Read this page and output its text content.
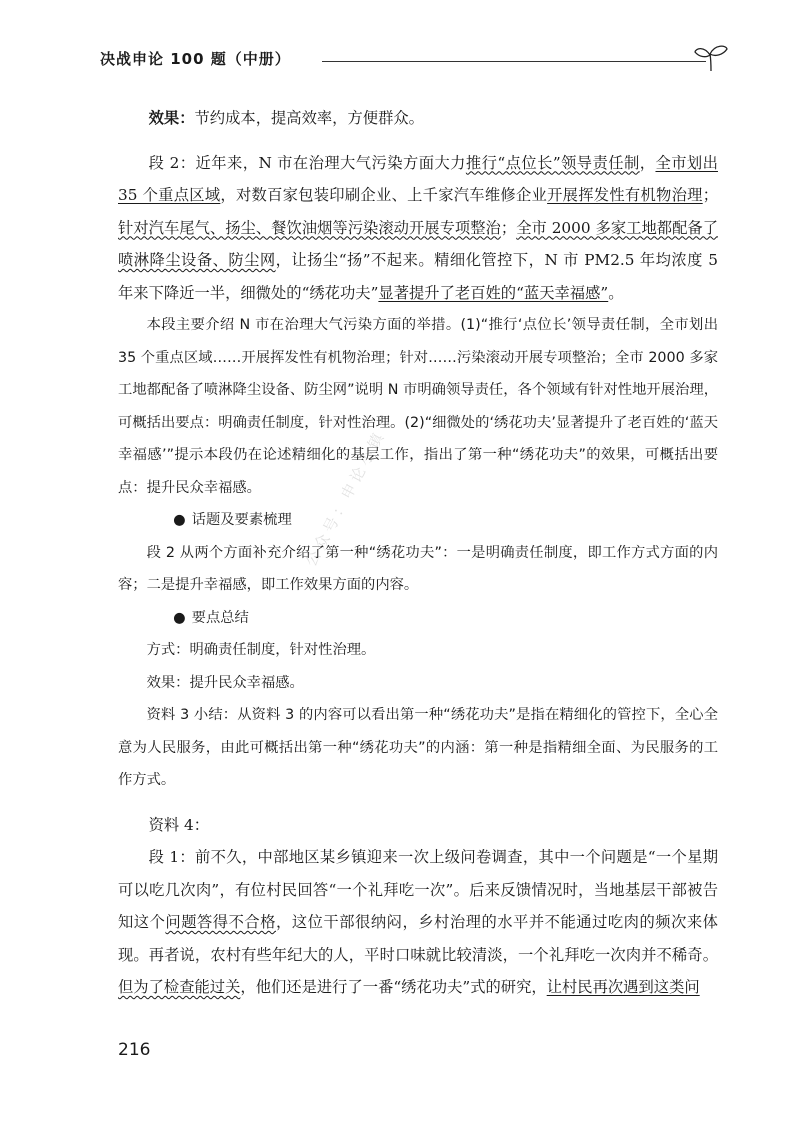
决战申论 100 题（中册）
公众号：申论小镇

效果：节约成本，提高效率，方便群众。

段 2：近年来，N 市在治理大气污染方面大力推行“点位长”领导责任制，全市划出 35 个重点区域，对数百家包装印刷企业、上千家汽车维修企业开展挥发性有机物治理；针对汽车尾气、扬尘、餐饮油烟等污染滚动开展专项整治；全市 2000 多家工地都配备了喷淋降尘设备、防尘网，让扬尘“扬”不起来。精细化管控下，N 市 PM2.5 年均浓度 5 年来下降近一半，细微处的“绣花功夫”显著提升了老百姓的“蓝天幸福感”。

本段主要介绍 N 市在治理大气污染方面的举措。(1)“推行‘点位长’领导责任制，全市划出 35 个重点区域……开展挥发性有机物治理；针对……污染滚动开展专项整治；全市 2000 多家工地都配备了喷淋降尘设备、防尘网”说明 N 市明确领导责任，各个领域有针对性地开展治理，可概括出要点：明确责任制度，针对性治理。(2)“细微处的‘绣花功夫’显著提升了老百姓的‘蓝天幸福感’”提示本段仍在论述精细化的基层工作，指出了第一种“绣花功夫”的效果，可概括出要点：提升民众幸福感。

● 话题及要素梳理

段 2 从两个方面补充介绍了第一种“绣花功夫”：一是明确责任制度，即工作方式方面的内容；二是提升幸福感，即工作效果方面的内容。

● 要点总结

方式：明确责任制度，针对性治理。

效果：提升民众幸福感。

资料 3 小结：从资料 3 的内容可以看出第一种“绣花功夫”是指在精细化的管控下，全心全意为人民服务，由此可概括出第一种“绣花功夫”的内涵：第一种是指精细全面、为民服务的工作方式。

资料 4：

段 1：前不久，中部地区某乡镇迎来一次上级问卷调查，其中一个问题是“一个星期可以吃几次肉”，有位村民回答“一个礼拜吃一次”。后来反馈情况时，当地基层干部被告知这个问题答得不合格，这位干部很纳闷，乡村治理的水平并不能通过吃肉的频次来体现。再者说，农村有些年纪大的人，平时口味就比较清淡，一个礼拜吃一次肉并不稀奇。但为了检查能过关，他们还是进行了一番“绣花功夫”式的研究，让村民再次遇到这类问

216
